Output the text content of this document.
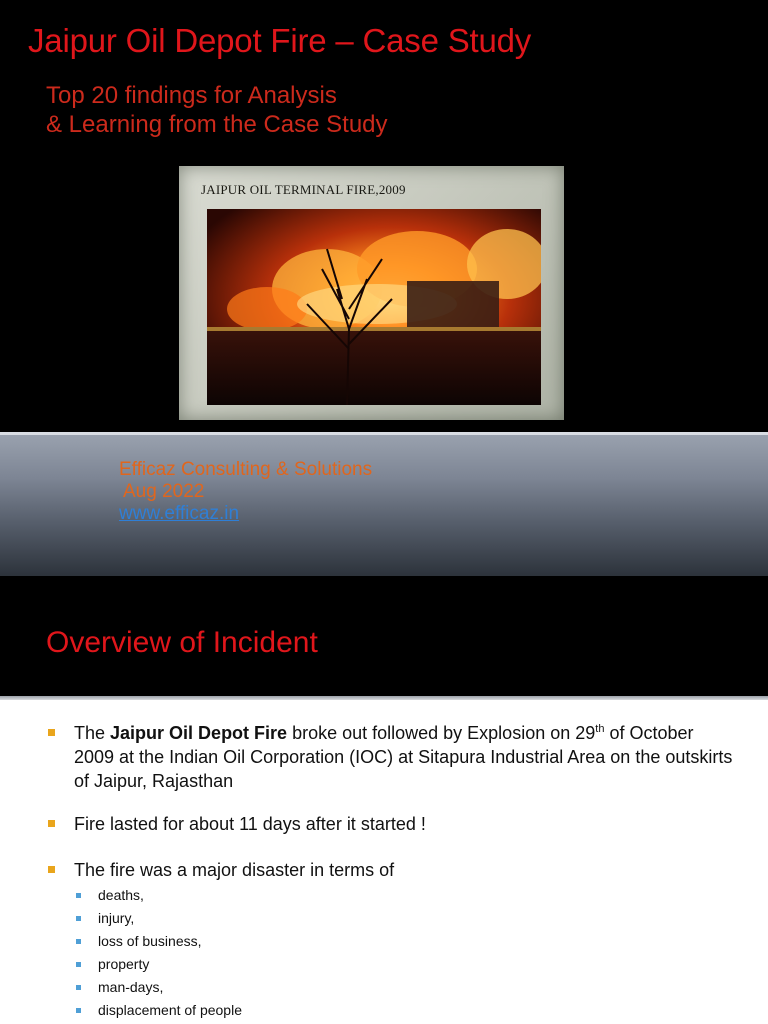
Jaipur Oil Depot Fire – Case Study
Top 20 findings for Analysis
& Learning from the Case Study
JAIPUR OIL TERMINAL FIRE,2009
Efficaz Consulting & Solutions
Aug 2022
www.efficaz.in
Overview of Incident
The Jaipur Oil Depot Fire broke out followed by Explosion on 29th of October 2009 at the Indian Oil Corporation (IOC) at Sitapura Industrial Area on the outskirts of Jaipur, Rajasthan
Fire lasted for about 11 days after it started !
The fire was a major disaster in terms of
deaths,
injury,
loss of business,
property
man-days,
displacement of people
